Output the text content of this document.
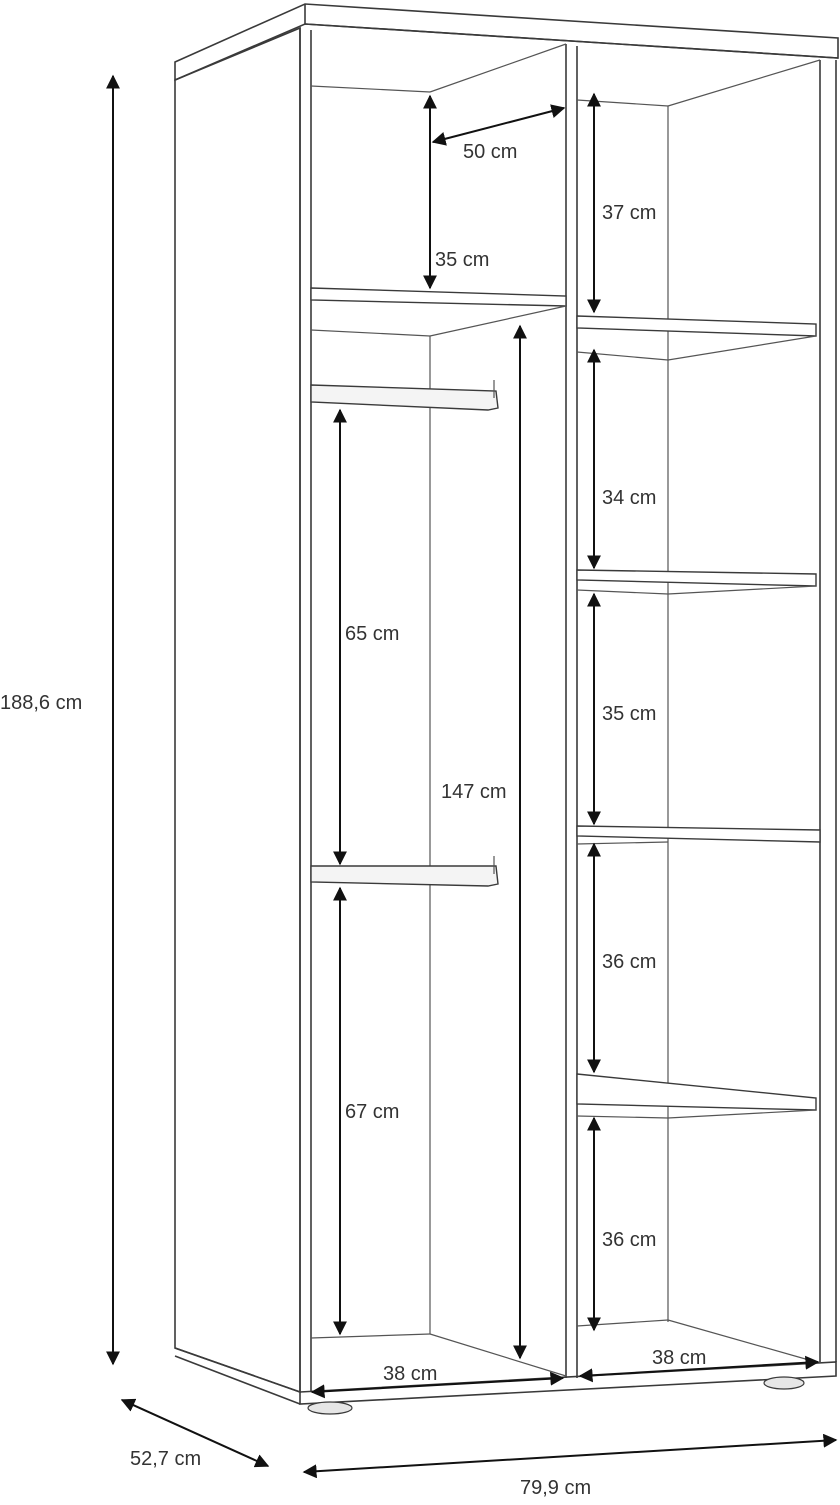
188,6 cm
50 cm
35 cm
37 cm
34 cm
35 cm
36 cm
36 cm
65 cm
67 cm
147 cm
38 cm
38 cm
52,7 cm
79,9 cm
